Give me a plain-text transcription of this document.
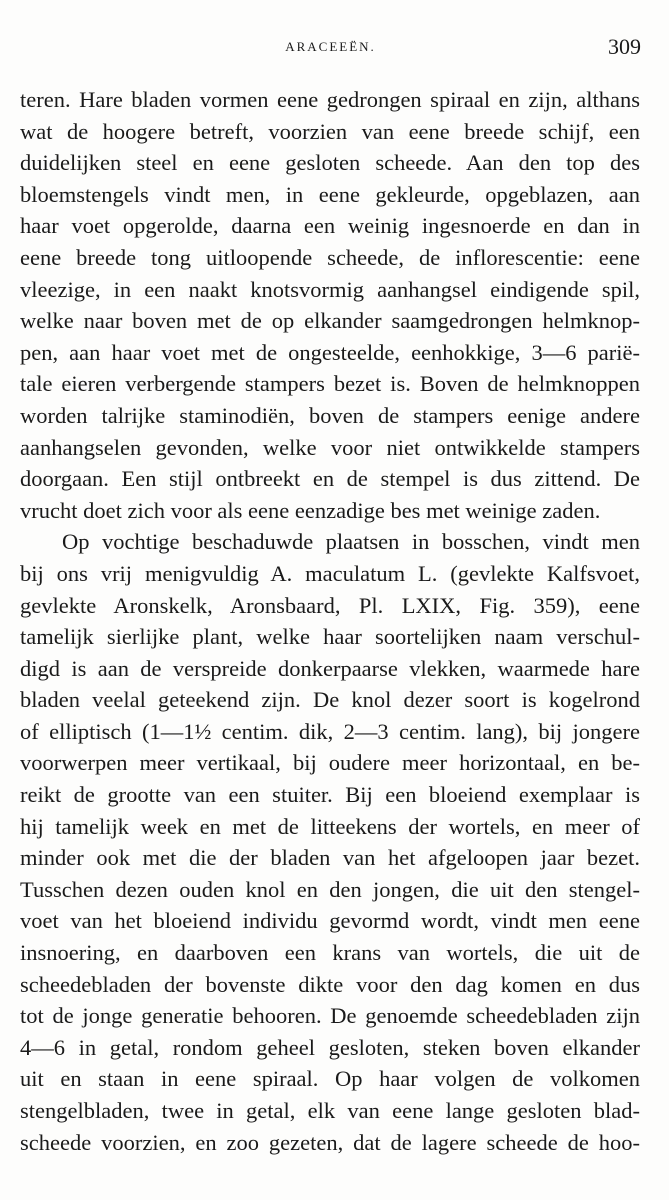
ARACEEËN.	309
teren. Hare bladen vormen eene gedrongen spiraal en zijn, althans
wat de hoogere betreft, voorzien van eene breede schijf, een
duidelijken steel en eene gesloten scheede. Aan den top des
bloemstengels vindt men, in eene gekleurde, opgeblazen, aan
haar voet opgerolde, daarna een weinig ingesnoerde en dan in
eene breede tong uitloopende scheede, de inflorescentie: eene
vleezige, in een naakt knotsvormig aanhangsel eindigende spil,
welke naar boven met de op elkander saamgedrongen helmknop-
pen, aan haar voet met de ongesteelde, eenhokkige, 3—6 parië-
tale eieren verbergende stampers bezet is. Boven de helmknoppen
worden talrijke staminodiën, boven de stampers eenige andere
aanhangselen gevonden, welke voor niet ontwikkelde stampers
doorgaan. Een stijl ontbreekt en de stempel is dus zittend. De
vrucht doet zich voor als eene eenzadige bes met weinige zaden.
Op vochtige beschaduwde plaatsen in bosschen, vindt men
bij ons vrij menigvuldig A. maculatum L. (gevlekte Kalfsvoet,
gevlekte Aronskelk, Aronsbaard, Pl. LXIX, Fig. 359), eene
tamelijk sierlijke plant, welke haar soortelijken naam verschul-
digd is aan de verspreide donkerpaarse vlekken, waarmede hare
bladen veelal geteekend zijn. De knol dezer soort is kogelrond
of elliptisch (1—1½ centim. dik, 2—3 centim. lang), bij jongere
voorwerpen meer vertikaal, bij oudere meer horizontaal, en be-
reikt de grootte van een stuiter. Bij een bloeiend exemplaar is
hij tamelijk week en met de litteekens der wortels, en meer of
minder ook met die der bladen van het afgeloopen jaar bezet.
Tusschen dezen ouden knol en den jongen, die uit den stengel-
voet van het bloeiend individu gevormd wordt, vindt men eene
insnoering, en daarboven een krans van wortels, die uit de
scheedebladen der bovenste dikte voor den dag komen en dus
tot de jonge generatie behooren. De genoemde scheedebladen zijn
4—6 in getal, rondom geheel gesloten, steken boven elkander
uit en staan in eene spiraal. Op haar volgen de volkomen
stengelbladen, twee in getal, elk van eene lange gesloten blad-
scheede voorzien, en zoo gezeten, dat de lagere scheede de hoo-
